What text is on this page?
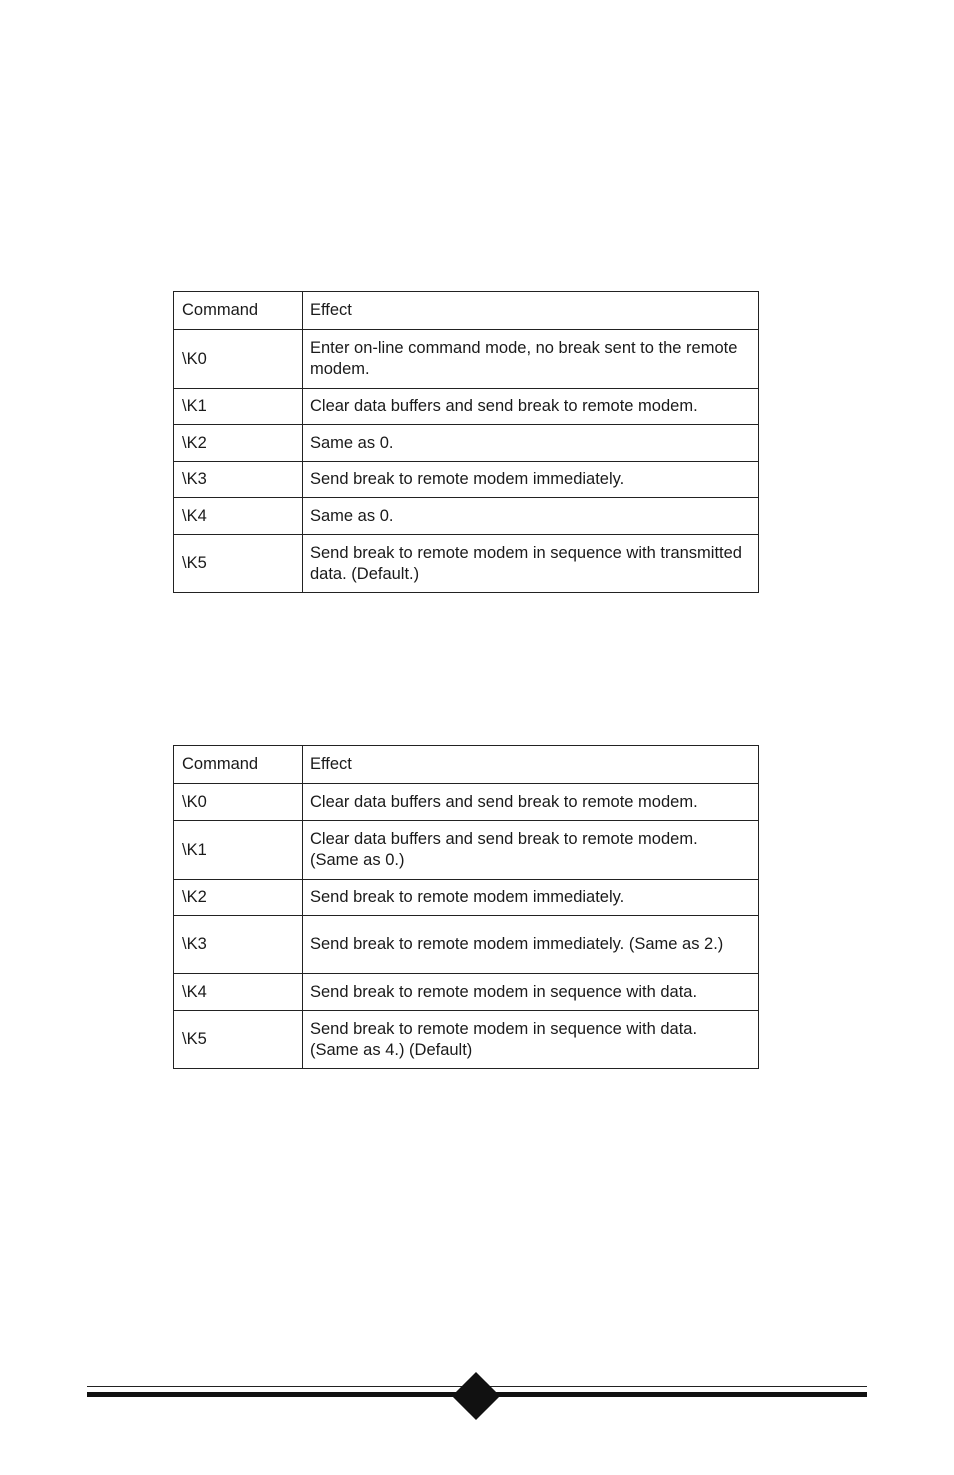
Command	Effect
\K0	Enter on-line command mode, no break sent to the remote modem.
\K1	Clear data buffers and send break to remote modem.
\K2	Same as 0.
\K3	Send break to remote modem immediately.
\K4	Same as 0.
\K5	Send break to remote modem in sequence with transmitted data. (Default.)
Command	Effect
\K0	Clear data buffers and send break to remote modem.
\K1	Clear data buffers and send break to remote modem. (Same as 0.)
\K2	Send break to remote modem immediately.
\K3	Send break to remote modem immediately. (Same as 2.)
\K4	Send break to remote modem in sequence with data.
\K5	Send break to remote modem in sequence with data. (Same as 4.) (Default)
